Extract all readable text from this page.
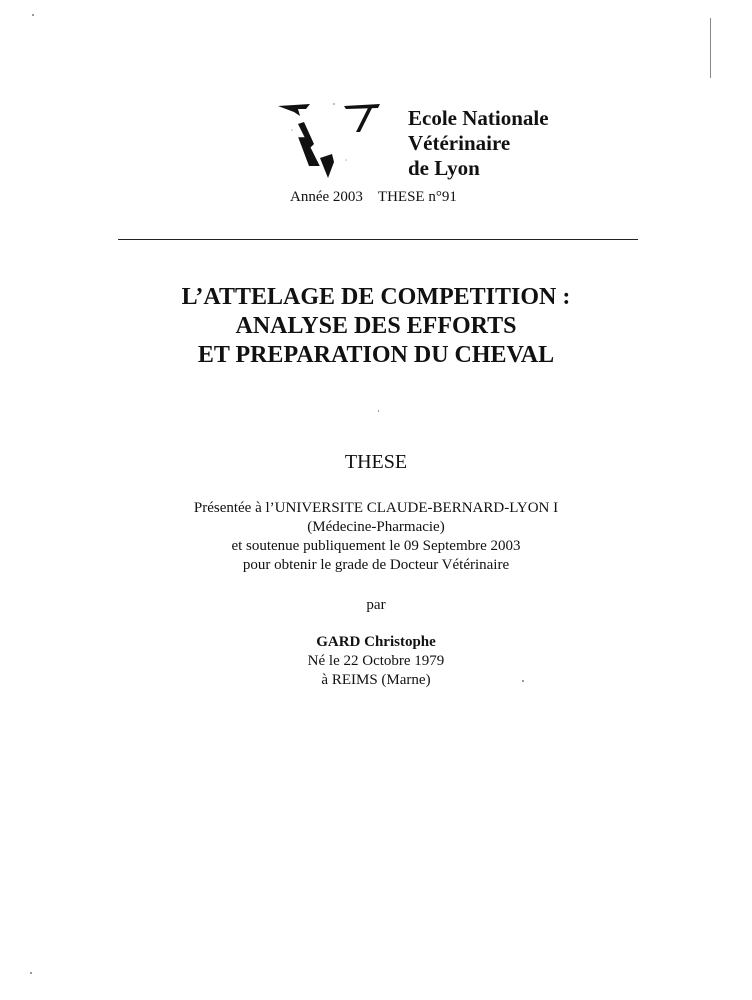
Ecole Nationale
Vétérinaire
de Lyon
Année 2003 THESE n°91
L’ATTELAGE DE COMPETITION :
ANALYSE DES EFFORTS
ET PREPARATION DU CHEVAL
THESE
Présentée à l’UNIVERSITE CLAUDE-BERNARD-LYON I
(Médecine-Pharmacie)
et soutenue publiquement le 09 Septembre 2003
pour obtenir le grade de Docteur Vétérinaire
par
GARD Christophe
Né le 22 Octobre 1979
à REIMS (Marne)
